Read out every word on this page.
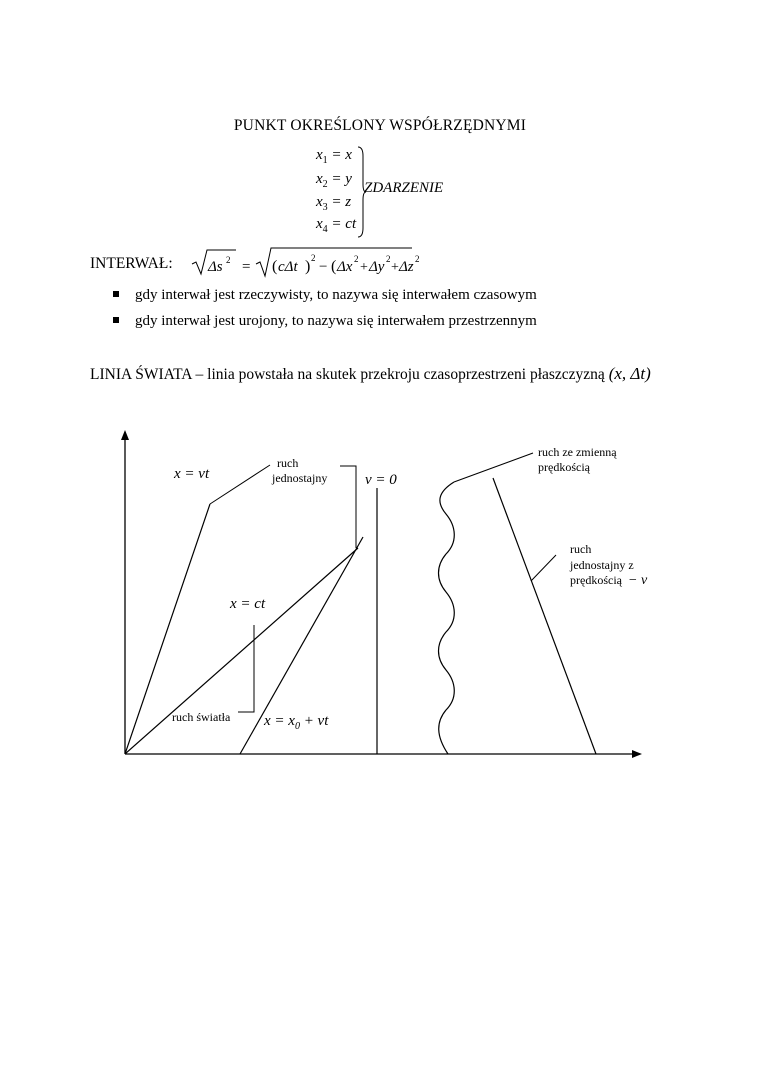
PUNKT OKREŚLONY WSPÓŁRZĘDNYMI
$x_1 = x$
$x_2 = y$
$x_3 = z$
$x_4$ = ct
ZDARZENIE
INTERWAŁ: Δs 2 = ( cΔt ) 2
− ( Δx 2
+ Δy 2
+ Δz 2
gdy interwał jest rzeczywisty, to nazywa się interwałem czasowym
gdy interwał jest urojony, to nazywa się interwałem przestrzennym
LINIA ŚWIATA – linia powstała na skutek przekroju czasoprzestrzeni płaszczyzną (x, Δt)
x = vt
x = ct
ruch światła $x = x_0$ + vt
ruch
jednostajny	v = 0
ruch ze zmienną
prędkością
ruch
jednostajny z
prędkością − v
